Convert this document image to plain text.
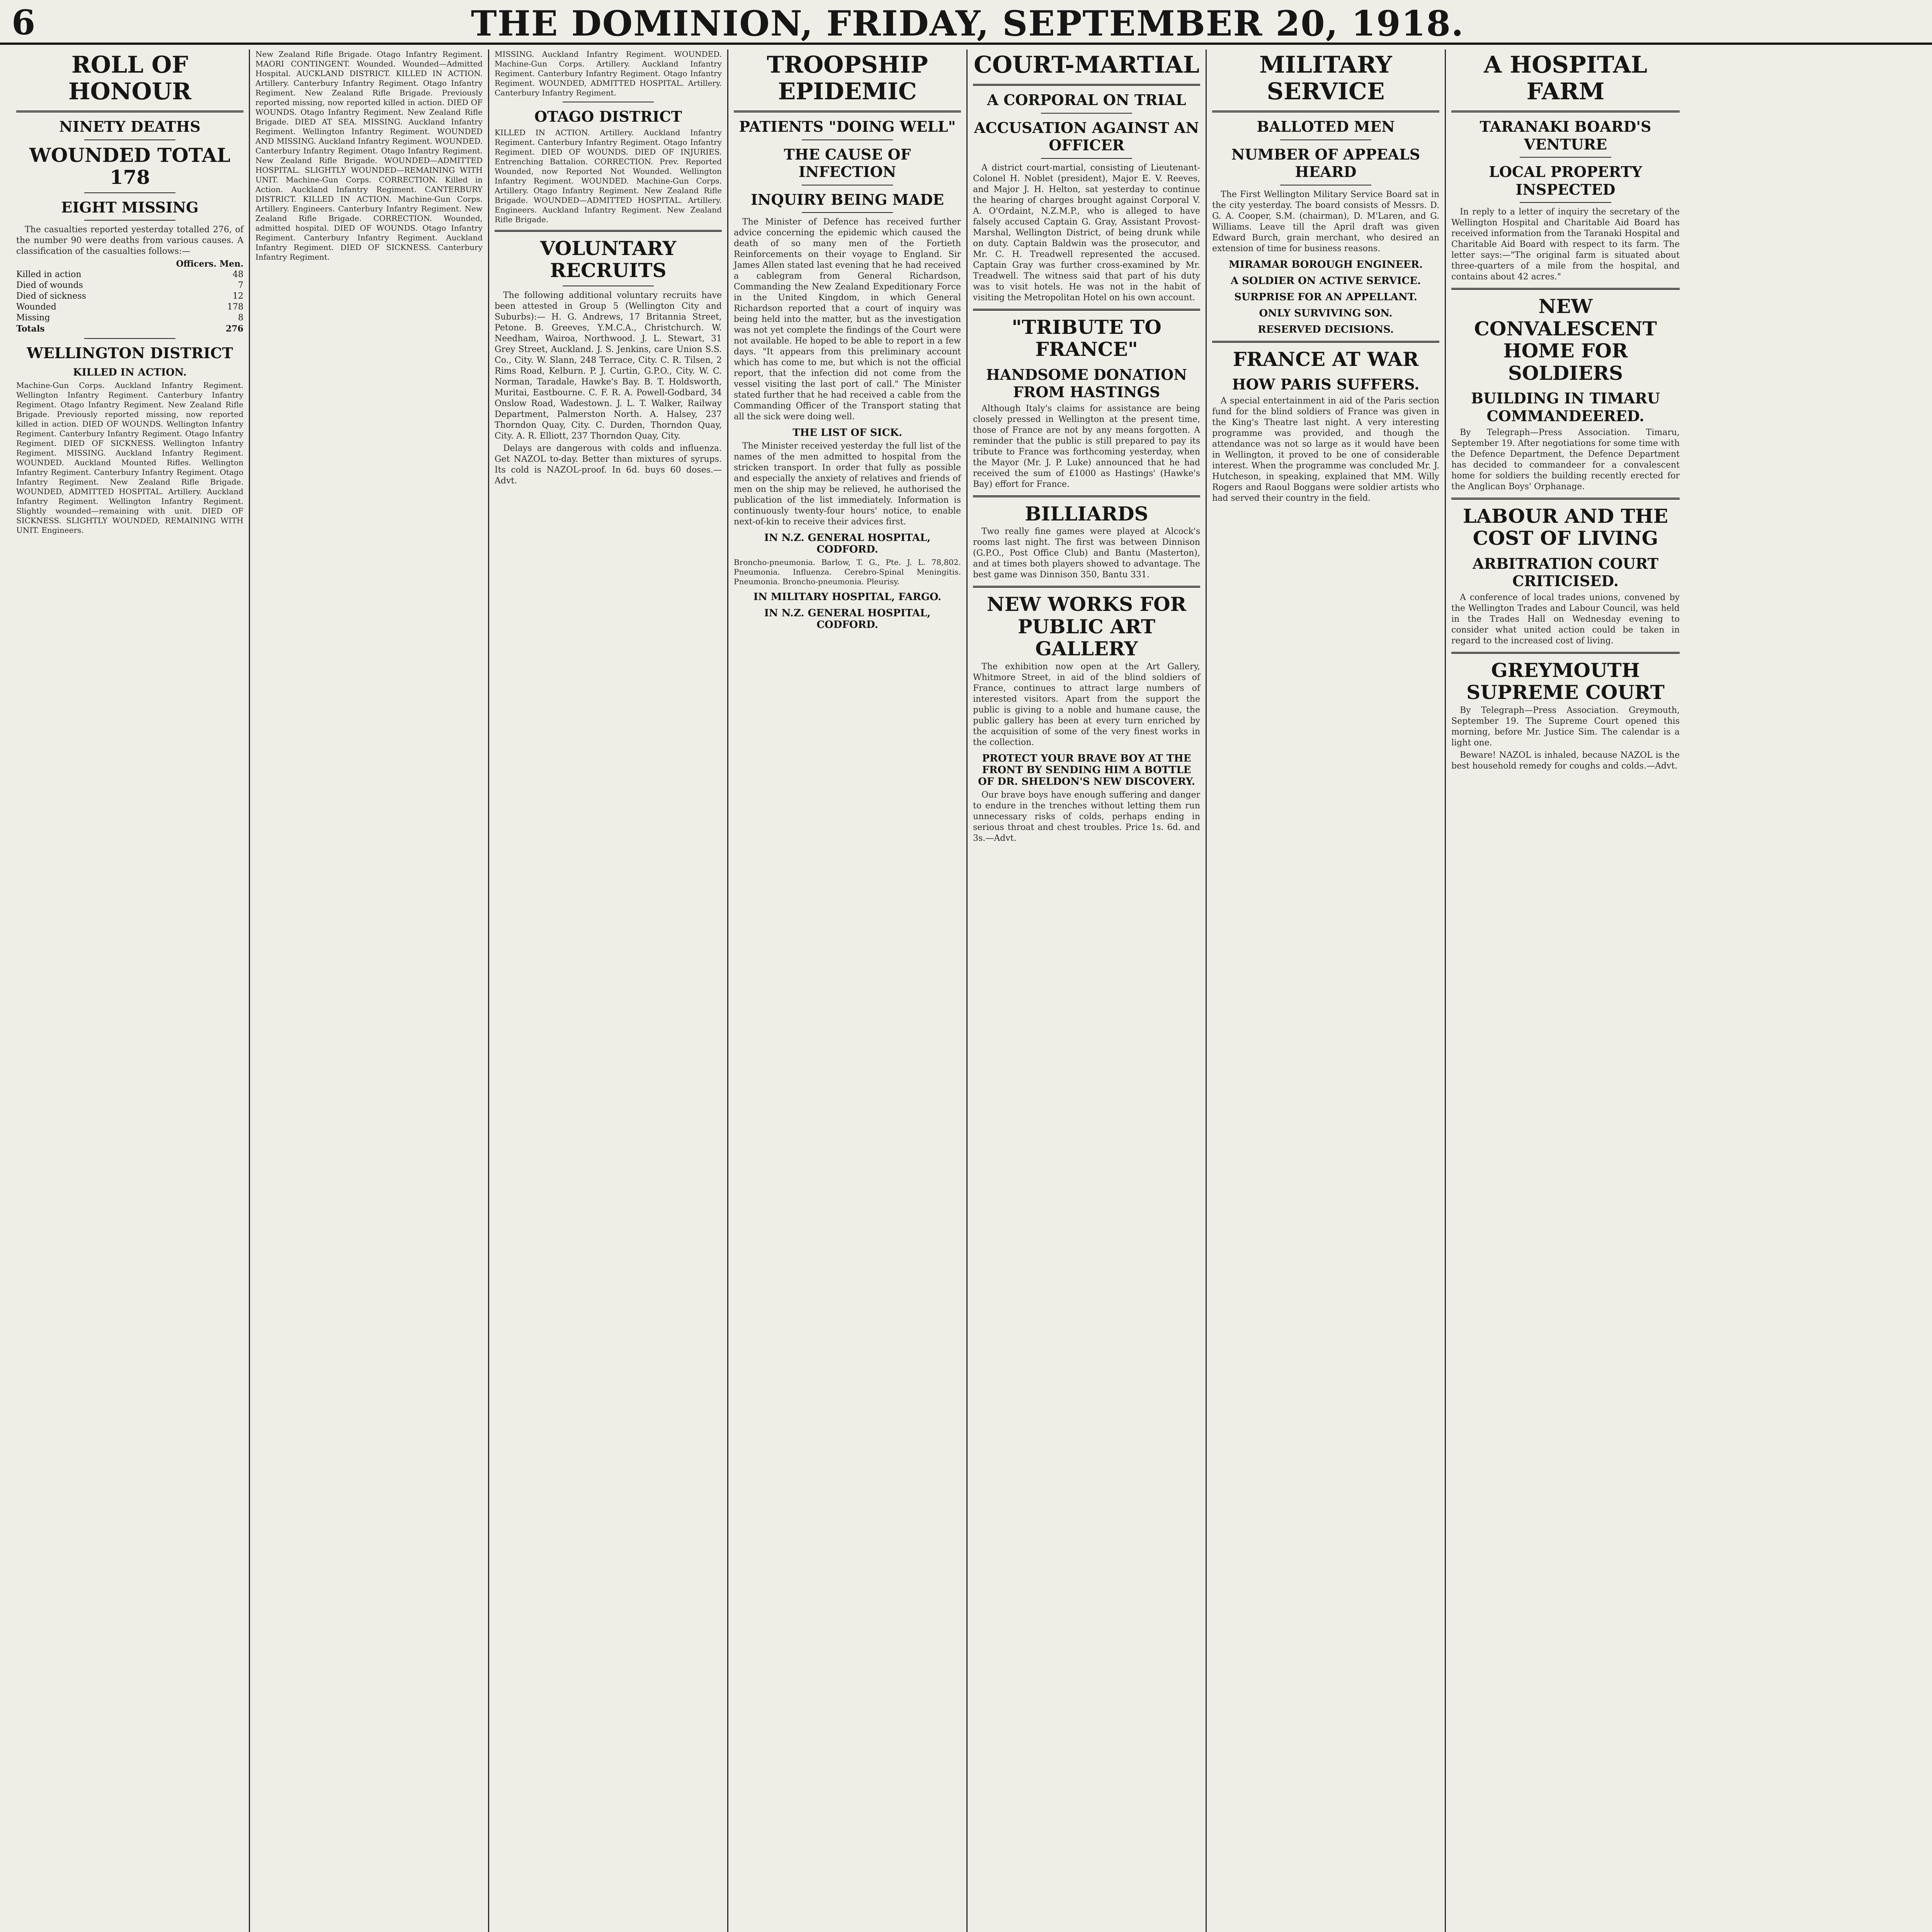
6	THE DOMINION, FRIDAY, SEPTEMBER 20, 1918.
ROLL OF HONOUR
NINETY DEATHS
WOUNDED TOTAL 178
EIGHT MISSING

The casualties reported yesterday totalled 276, of the number 90 were deaths from various causes. A classification of the casualties follows:—

Officers. Men.
Killed in action	48
Died of wounds	7
Died of sickness	12
Wounded	178
Missing	8
Totals	276
WELLINGTON DISTRICT
KILLED IN ACTION.

Machine-Gun Corps. Auckland Infantry Regiment. Wellington Infantry Regiment. Canterbury Infantry Regiment. Otago Infantry Regiment. New Zealand Rifle Brigade. Previously reported missing, now reported killed in action. DIED OF WOUNDS. Wellington Infantry Regiment. Canterbury Infantry Regiment. Otago Infantry Regiment. DIED OF SICKNESS. Wellington Infantry Regiment. MISSING. Auckland Infantry Regiment. WOUNDED. Auckland Mounted Rifles. Wellington Infantry Regiment. Canterbury Infantry Regiment. Otago Infantry Regiment. New Zealand Rifle Brigade. WOUNDED, ADMITTED HOSPITAL. Artillery. Auckland Infantry Regiment. Wellington Infantry Regiment. Slightly wounded—remaining with unit. DIED OF SICKNESS. SLIGHTLY WOUNDED, REMAINING WITH UNIT. Engineers.

New Zealand Rifle Brigade. Otago Infantry Regiment. MAORI CONTINGENT. Wounded. Wounded—Admitted Hospital. AUCKLAND DISTRICT. KILLED IN ACTION. Artillery. Canterbury Infantry Regiment. Otago Infantry Regiment. New Zealand Rifle Brigade. Previously reported missing, now reported killed in action. DIED OF WOUNDS. Otago Infantry Regiment. New Zealand Rifle Brigade. DIED AT SEA. MISSING. Auckland Infantry Regiment. Wellington Infantry Regiment. WOUNDED AND MISSING. Auckland Infantry Regiment. WOUNDED. Canterbury Infantry Regiment. Otago Infantry Regiment. New Zealand Rifle Brigade. WOUNDED—ADMITTED HOSPITAL. SLIGHTLY WOUNDED—REMAINING WITH UNIT. Machine-Gun Corps. CORRECTION. Killed in Action. Auckland Infantry Regiment. CANTERBURY DISTRICT. KILLED IN ACTION. Machine-Gun Corps. Artillery. Engineers. Canterbury Infantry Regiment. New Zealand Rifle Brigade. CORRECTION. Wounded, admitted hospital. DIED OF WOUNDS. Otago Infantry Regiment. Canterbury Infantry Regiment. Auckland Infantry Regiment. DIED OF SICKNESS. Canterbury Infantry Regiment.

MISSING. Auckland Infantry Regiment. WOUNDED. Machine-Gun Corps. Artillery. Auckland Infantry Regiment. Canterbury Infantry Regiment. Otago Infantry Regiment. WOUNDED, ADMITTED HOSPITAL. Artillery. Canterbury Infantry Regiment.

OTAGO DISTRICT

KILLED IN ACTION. Artillery. Auckland Infantry Regiment. Canterbury Infantry Regiment. Otago Infantry Regiment. DIED OF WOUNDS. DIED OF INJURIES. Entrenching Battalion. CORRECTION. Prev. Reported Wounded, now Reported Not Wounded. Wellington Infantry Regiment. WOUNDED. Machine-Gun Corps. Artillery. Otago Infantry Regiment. New Zealand Rifle Brigade. WOUNDED—ADMITTED HOSPITAL. Artillery. Engineers. Auckland Infantry Regiment. New Zealand Rifle Brigade.

VOLUNTARY RECRUITS

The following additional voluntary recruits have been attested in Group 5 (Wellington City and Suburbs):— H. G. Andrews, 17 Britannia Street, Petone. B. Greeves, Y.M.C.A., Christchurch. W. Needham, Wairoa, Northwood. J. L. Stewart, 31 Grey Street, Auckland. J. S. Jenkins, care Union S.S. Co., City. W. Slann, 248 Terrace, City. C. R. Tilsen, 2 Rims Road, Kelburn. P. J. Curtin, G.P.O., City. W. C. Norman, Taradale, Hawke's Bay. B. T. Holdsworth, Muritai, Eastbourne. C. F. R. A. Powell-Godbard, 34 Onslow Road, Wadestown. J. L. T. Walker, Railway Department, Palmerston North. A. Halsey, 237 Thorndon Quay, City. C. Durden, Thorndon Quay, City. A. R. Elliott, 237 Thorndon Quay, City.

Delays are dangerous with colds and influenza. Get NAZOL to-day. Better than mixtures of syrups. Its cold is NAZOL-proof. In 6d. buys 60 doses.—Advt.

TROOPSHIP EPIDEMIC
PATIENTS "DOING WELL"
THE CAUSE OF INFECTION
INQUIRY BEING MADE

The Minister of Defence has received further advice concerning the epidemic which caused the death of so many men of the Fortieth Reinforcements on their voyage to England. Sir James Allen stated last evening that he had received a cablegram from General Richardson, Commanding the New Zealand Expeditionary Force in the United Kingdom, in which General Richardson reported that a court of inquiry was being held into the matter, but as the investigation was not yet complete the findings of the Court were not available. He hoped to be able to report in a few days. "It appears from this preliminary account which has come to me, but which is not the official report, that the infection did not come from the vessel visiting the last port of call." The Minister stated further that he had received a cable from the Commanding Officer of the Transport stating that all the sick were doing well.

THE LIST OF SICK.

The Minister received yesterday the full list of the names of the men admitted to hospital from the stricken transport. In order that fully as possible and especially the anxiety of relatives and friends of men on the ship may be relieved, he authorised the publication of the list immediately. Information is continuously twenty-four hours' notice, to enable next-of-kin to receive their advices first.

IN N.Z. GENERAL HOSPITAL, CODFORD.

Broncho-pneumonia. Barlow, T. G., Pte. J. L. 78,802. Pneumonia. Influenza. Cerebro-Spinal Meningitis. Pneumonia. Broncho-pneumonia. Pleurisy.

IN MILITARY HOSPITAL, FARGO.
IN N.Z. GENERAL HOSPITAL, CODFORD.
COURT-MARTIAL
A CORPORAL ON TRIAL
ACCUSATION AGAINST AN OFFICER

A district court-martial, consisting of Lieutenant-Colonel H. Noblet (president), Major E. V. Reeves, and Major J. H. Helton, sat yesterday to continue the hearing of charges brought against Corporal V. A. O'Ordaint, N.Z.M.P., who is alleged to have falsely accused Captain G. Gray, Assistant Provost-Marshal, Wellington District, of being drunk while on duty. Captain Baldwin was the prosecutor, and Mr. C. H. Treadwell represented the accused. Captain Gray was further cross-examined by Mr. Treadwell. The witness said that part of his duty was to visit hotels. He was not in the habit of visiting the Metropolitan Hotel on his own account.

"TRIBUTE TO FRANCE"
HANDSOME DONATION FROM HASTINGS

Although Italy's claims for assistance are being closely pressed in Wellington at the present time, those of France are not by any means forgotten. A reminder that the public is still prepared to pay its tribute to France was forthcoming yesterday, when the Mayor (Mr. J. P. Luke) announced that he had received the sum of £1000 as Hastings' (Hawke's Bay) effort for France.

BILLIARDS

Two really fine games were played at Alcock's rooms last night. The first was between Dinnison (G.P.O., Post Office Club) and Bantu (Masterton), and at times both players showed to advantage. The best game was Dinnison 350, Bantu 331.

NEW WORKS FOR PUBLIC ART GALLERY

The exhibition now open at the Art Gallery, Whitmore Street, in aid of the blind soldiers of France, continues to attract large numbers of interested visitors. Apart from the support the public is giving to a noble and humane cause, the public gallery has been at every turn enriched by the acquisition of some of the very finest works in the collection.

PROTECT YOUR BRAVE BOY AT THE FRONT BY SENDING HIM A BOTTLE OF DR. SHELDON'S NEW DISCOVERY.

Our brave boys have enough suffering and danger to endure in the trenches without letting them run unnecessary risks of colds, perhaps ending in serious throat and chest troubles. Price 1s. 6d. and 3s.—Advt.

MILITARY SERVICE
BALLOTED MEN
NUMBER OF APPEALS HEARD

The First Wellington Military Service Board sat in the city yesterday. The board consists of Messrs. D. G. A. Cooper, S.M. (chairman), D. M'Laren, and G. Williams. Leave till the April draft was given Edward Burch, grain merchant, who desired an extension of time for business reasons.

MIRAMAR BOROUGH ENGINEER.
A SOLDIER ON ACTIVE SERVICE.
SURPRISE FOR AN APPELLANT.
ONLY SURVIVING SON.
RESERVED DECISIONS.
FRANCE AT WAR
HOW PARIS SUFFERS.

A special entertainment in aid of the Paris section fund for the blind soldiers of France was given in the King's Theatre last night. A very interesting programme was provided, and though the attendance was not so large as it would have been in Wellington, it proved to be one of considerable interest. When the programme was concluded Mr. J. Hutcheson, in speaking, explained that MM. Willy Rogers and Raoul Boggans were soldier artists who had served their country in the field.

A HOSPITAL FARM
TARANAKI BOARD'S VENTURE
LOCAL PROPERTY INSPECTED

In reply to a letter of inquiry the secretary of the Wellington Hospital and Charitable Aid Board has received information from the Taranaki Hospital and Charitable Aid Board with respect to its farm. The letter says:—"The original farm is situated about three-quarters of a mile from the hospital, and contains about 42 acres."

NEW CONVALESCENT HOME FOR SOLDIERS
BUILDING IN TIMARU COMMANDEERED.

By Telegraph—Press Association. Timaru, September 19. After negotiations for some time with the Defence Department, the Defence Department has decided to commandeer for a convalescent home for soldiers the building recently erected for the Anglican Boys' Orphanage.

LABOUR AND THE COST OF LIVING
ARBITRATION COURT CRITICISED.

A conference of local trades unions, convened by the Wellington Trades and Labour Council, was held in the Trades Hall on Wednesday evening to consider what united action could be taken in regard to the increased cost of living.

GREYMOUTH SUPREME COURT

By Telegraph—Press Association. Greymouth, September 19. The Supreme Court opened this morning, before Mr. Justice Sim. The calendar is a light one.

Beware! NAZOL is inhaled, because NAZOL is the best household remedy for coughs and colds.—Advt.
